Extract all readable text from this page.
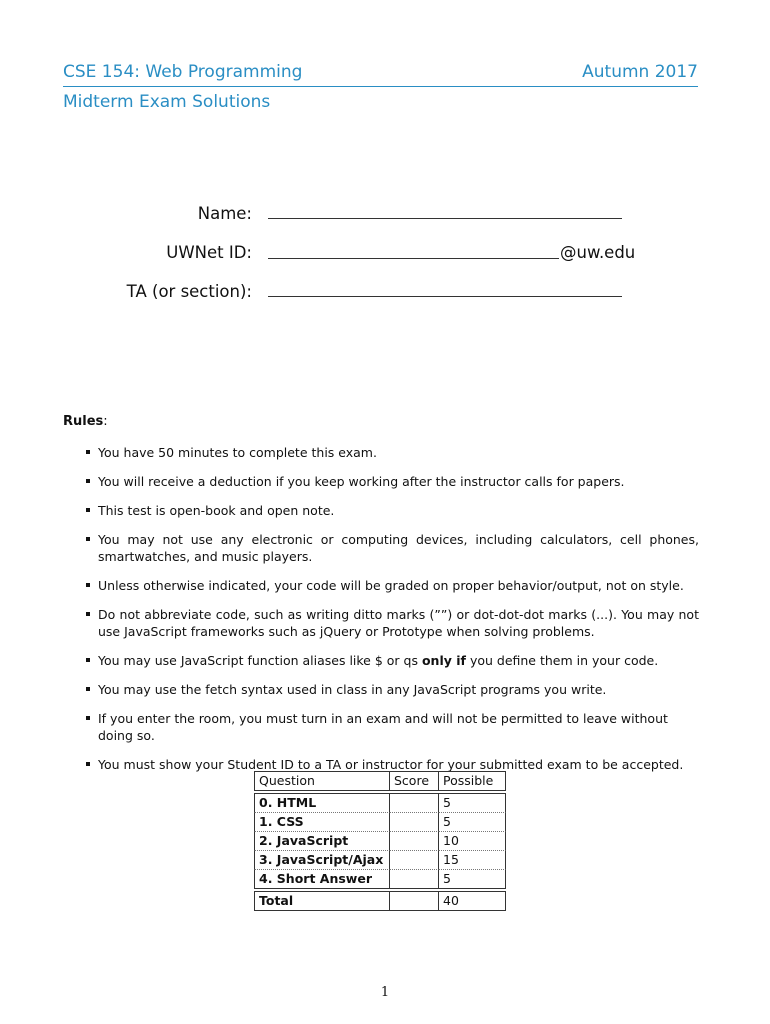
CSE 154: Web Programming	Autumn 2017
Midterm Exam Solutions
Name:
UWNet ID:	@uw.edu
TA (or section):
Rules:
You have 50 minutes to complete this exam.
You will receive a deduction if you keep working after the instructor calls for papers.
This test is open-book and open note.
You may not use any electronic or computing devices, including calculators, cell phones, smartwatches, and music players.
Unless otherwise indicated, your code will be graded on proper behavior/output, not on style.
Do not abbreviate code, such as writing ditto marks (””) or dot-dot-dot marks (...). You may not use JavaScript frameworks such as jQuery or Prototype when solving problems.
You may use JavaScript function aliases like $ or qs only if you define them in your code.
You may use the fetch syntax used in class in any JavaScript programs you write.
If you enter the room, you must turn in an exam and will not be permitted to leave without doing so.
You must show your Student ID to a TA or instructor for your submitted exam to be accepted.
Question	Score	Possible

0. HTML		5
1. CSS		5
2. JavaScript		10
3. JavaScript/Ajax		15
4. Short Answer		5

Total		40
1
